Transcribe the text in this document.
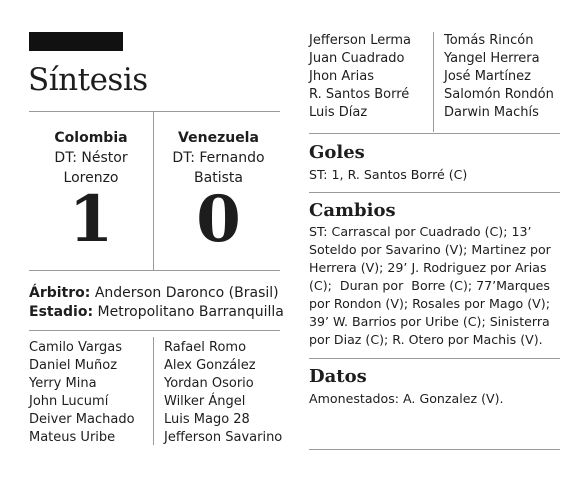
Síntesis
Colombia
DT: Néstor
Lorenzo
1
Venezuela
DT: Fernando
Batista
0
Árbitro: Anderson Daronco (Brasil)
Estadio: Metropolitano Barranquilla
Camilo Vargas
Daniel Muñoz
Yerry Mina
John Lucumí
Deiver Machado
Mateus Uribe
Rafael Romo
Alex González
Yordan Osorio
Wilker Ángel
Luis Mago 28
Jefferson Savarino
Jefferson Lerma
Juan Cuadrado
Jhon Arias
R. Santos Borré
Luis Díaz
Tomás Rincón
Yangel Herrera
José Martínez
Salomón Rondón
Darwin Machís
Goles
ST: 1, R. Santos Borré (C)
Cambios
ST: Carrascal por Cuadrado (C); 13’
Soteldo por Savarino (V); Martinez por
Herrera (V); 29’ J. Rodriguez por Arias
(C);  Duran por  Borre (C); 77’Marques
por Rondon (V); Rosales por Mago (V);
39’ W. Barrios por Uribe (C); Sinisterra
por Diaz (C); R. Otero por Machis (V).
Datos
Amonestados: A. Gonzalez (V).
